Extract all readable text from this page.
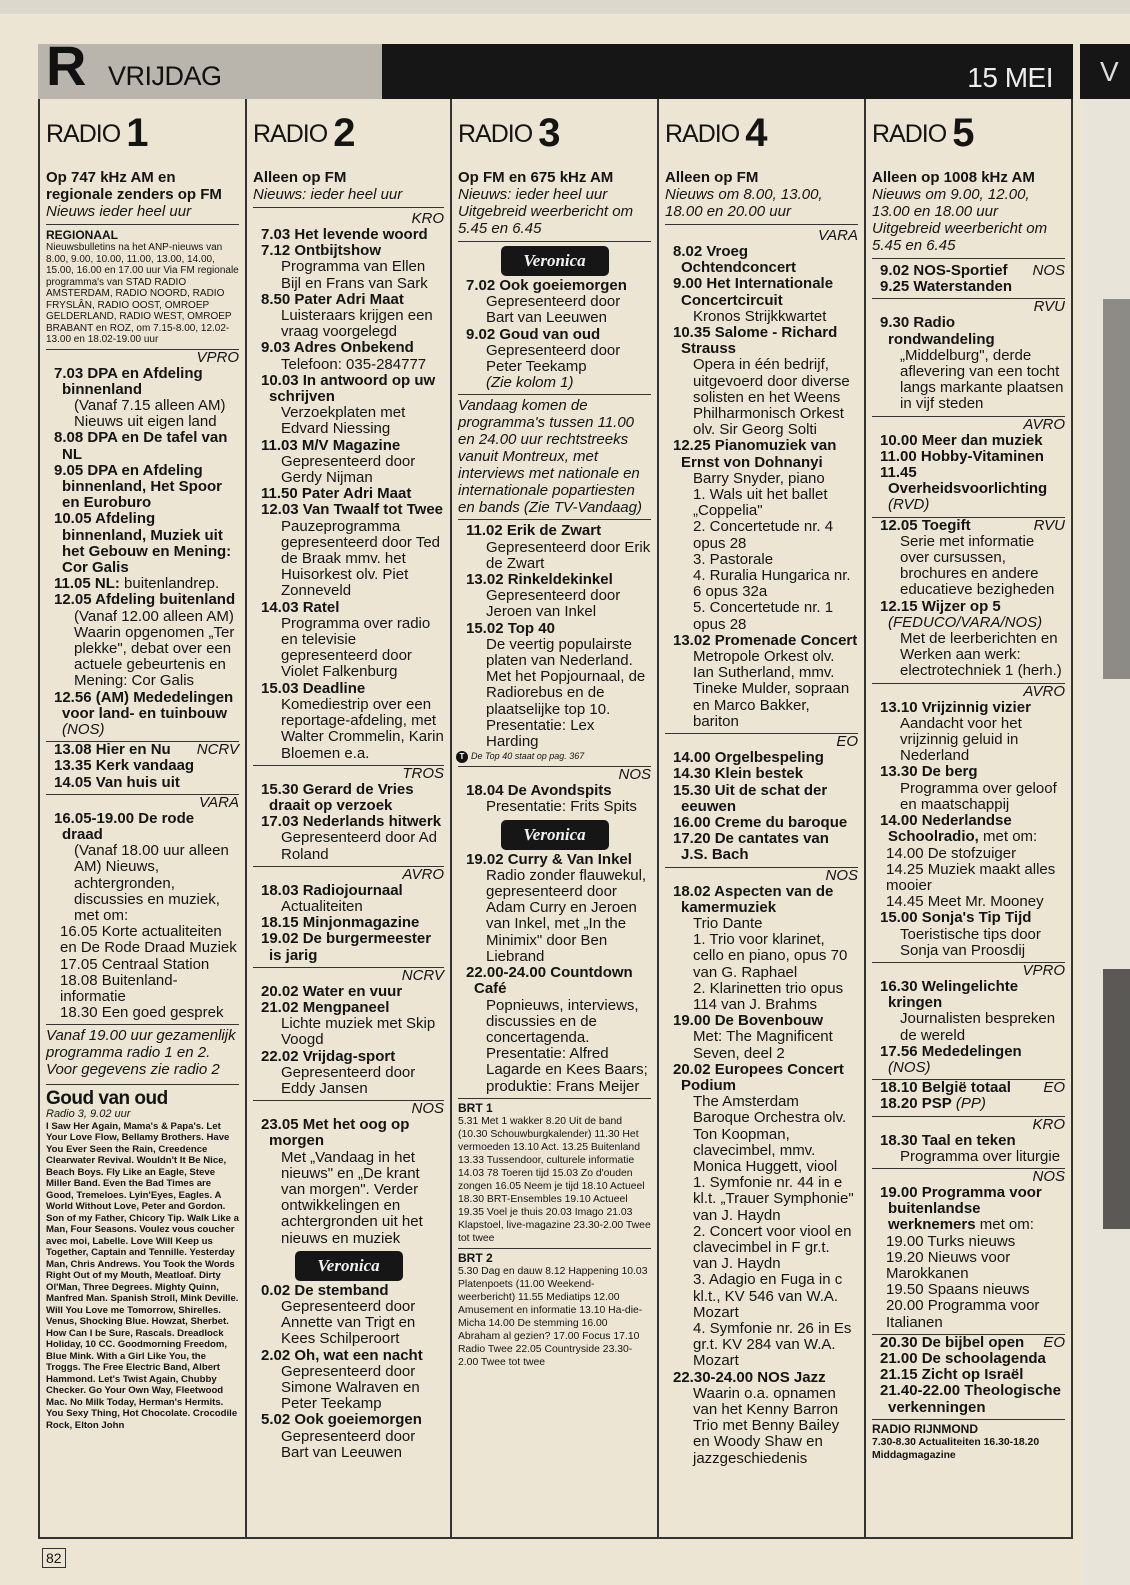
R VRIJDAG	15 MEI	V
RADIO 1
Op 747 kHz AM en regionale zenders op FM
Nieuws ieder heel uur
REGIONAAL

Nieuwsbulletins na het ANP-nieuws van 8.00, 9.00, 10.00, 11.00, 13.00, 14.00, 15.00, 16.00 en 17.00 uur Via FM regionale programma's van STAD RADIO AMSTERDAM, RADIO NOORD, RADIO FRYSLÂN, RADIO OOST, OMROEP GELDERLAND, RADIO WEST, OMROEP BRABANT en ROZ, om 7.15-8.00, 12.02-13.00 en 18.02-19.00 uur

VPRO

7.03 DPA en Afdeling binnenland

(Vanaf 7.15 alleen AM) Nieuws uit eigen land

8.08 DPA en De tafel van NL

9.05 DPA en Afdeling binnenland, Het Spoor en Euroburo

10.05 Afdeling binnenland, Muziek uit het Gebouw en Mening: Cor Galis

11.05 NL: buitenlandrep.

12.05 Afdeling buitenland

(Vanaf 12.00 alleen AM) Waarin opgenomen „Ter plekke", debat over een actuele gebeurtenis en Mening: Cor Galis

12.56 (AM) Mededelingen voor land- en tuinbouw (NOS)

13.08 Hier en Nu NCRV

13.35 Kerk vandaag

14.05 Van huis uit

VARA

16.05-19.00 De rode draad

(Vanaf 18.00 uur alleen AM) Nieuws, achtergronden, discussies en muziek, met om:

16.05 Korte actualiteiten en De Rode Draad Muziek

17.05 Centraal Station

18.08 Buitenland-informatie

18.30 Een goed gesprek

Vanaf 19.00 uur gezamenlijk programma radio 1 en 2. Voor gegevens zie radio 2
Goud van oud

Radio 3, 9.02 uur

I Saw Her Again, Mama's & Papa's. Let Your Love Flow, Bellamy Brothers. Have You Ever Seen the Rain, Creedence Clearwater Revival. Wouldn't It Be Nice, Beach Boys. Fly Like an Eagle, Steve Miller Band. Even the Bad Times are Good, Tremeloes. Lyin'Eyes, Eagles. A World Without Love, Peter and Gordon. Son of my Father, Chicory Tip. Walk Like a Man, Four Seasons. Voulez vous coucher avec moi, Labelle. Love Will Keep us Together, Captain and Tennille. Yesterday Man, Chris Andrews. You Took the Words Right Out of my Mouth, Meatloaf. Dirty Ol'Man, Three Degrees. Mighty Quinn, Manfred Man. Spanish Stroll, Mink Deville. Will You Love me Tomorrow, Shirelles. Venus, Shocking Blue. Howzat, Sherbet. How Can I be Sure, Rascals. Dreadlock Holiday, 10 CC. Goodmorning Freedom, Blue Mink. With a Girl Like You, the Troggs. The Free Electric Band, Albert Hammond. Let's Twist Again, Chubby Checker. Go Your Own Way, Fleetwood Mac. No Milk Today, Herman's Hermits. You Sexy Thing, Hot Chocolate. Crocodile Rock, Elton John

RADIO 2
Alleen op FM
Nieuws: ieder heel uur
KRO

7.03 Het levende woord

7.12 Ontbijtshow

Programma van Ellen Bijl en Frans van Sark

8.50 Pater Adri Maat

Luisteraars krijgen een vraag voorgelegd

9.03 Adres Onbekend

Telefoon: 035-284777

10.03 In antwoord op uw schrijven

Verzoekplaten met Edvard Niessing

11.03 M/V Magazine

Gepresenteerd door Gerdy Nijman

11.50 Pater Adri Maat

12.03 Van Twaalf tot Twee

Pauzeprogramma gepresenteerd door Ted de Braak mmv. het Huisorkest olv. Piet Zonneveld

14.03 Ratel

Programma over radio en televisie gepresenteerd door Violet Falkenburg

15.03 Deadline

Komediestrip over een reportage-afdeling, met Walter Crommelin, Karin Bloemen e.a.

TROS

15.30 Gerard de Vries draait op verzoek

17.03 Nederlands hitwerk

Gepresenteerd door Ad Roland

AVRO

18.03 Radiojournaal

Actualiteiten

18.15 Minjonmagazine

19.02 De burgermeester is jarig

NCRV

20.02 Water en vuur

21.02 Mengpaneel

Lichte muziek met Skip Voogd

22.02 Vrijdag-sport

Gepresenteerd door Eddy Jansen

NOS

23.05 Met het oog op morgen

Met „Vandaag in het nieuws" en „De krant van morgen". Verder ontwikkelingen en achtergronden uit het nieuws en muziek

Veronica

0.02 De stemband

Gepresenteerd door Annette van Trigt en Kees Schilperoort

2.02 Oh, wat een nacht

Gepresenteerd door Simone Walraven en Peter Teekamp

5.02 Ook goeiemorgen

Gepresenteerd door Bart van Leeuwen

RADIO 3
Op FM en 675 kHz AM
Nieuws: ieder heel uur Uitgebreid weerbericht om 5.45 en 6.45
Veronica

7.02 Ook goeiemorgen

Gepresenteerd door Bart van Leeuwen

9.02 Goud van oud

Gepresenteerd door Peter Teekamp

(Zie kolom 1)

Vandaag komen de programma's tussen 11.00 en 24.00 uur rechtstreeks vanuit Montreux, met interviews met nationale en internationale popartiesten en bands (Zie TV-Vandaag)

11.02 Erik de Zwart

Gepresenteerd door Erik de Zwart

13.02 Rinkeldekinkel

Gepresenteerd door Jeroen van Inkel

15.02 Top 40

De veertig populairste platen van Nederland. Met het Popjournaal, de Radiorebus en de plaatselijke top 10. Presentatie: Lex Harding

T De Top 40 staat op pag. 367
NOS

18.04 De Avondspits

Presentatie: Frits Spits

Veronica

19.02 Curry & Van Inkel

Radio zonder flauwekul, gepresenteerd door Adam Curry en Jeroen van Inkel, met „In the Minimix" door Ben Liebrand

22.00-24.00 Countdown Café

Popnieuws, interviews, discussies en de concertagenda. Presentatie: Alfred Lagarde en Kees Baars; produktie: Frans Meijer

BRT 1

5.31 Met 1 wakker 8.20 Uit de band (10.30 Schouwburgkalender) 11.30 Het vermoeden 13.10 Act. 13.25 Buitenland 13.33 Tussendoor, culturele informatie 14.03 78 Toeren tijd 15.03 Zo d'ouden zongen 16.05 Neem je tijd 18.10 Actueel 18.30 BRT-Ensembles 19.10 Actueel 19.35 Voel je thuis 20.03 Imago 21.03 Klapstoel, live-magazine 23.30-2.00 Twee tot twee

BRT 2

5.30 Dag en dauw 8.12 Happening 10.03 Platenpoets (11.00 Weekend-weerbericht) 11.55 Mediatips 12.00 Amusement en informatie 13.10 Ha-die-Micha 14.00 De stemming 16.00 Abraham al gezien? 17.00 Focus 17.10 Radio Twee 22.05 Countryside 23.30-2.00 Twee tot twee

RADIO 4
Alleen op FM
Nieuws om 8.00, 13.00, 18.00 en 20.00 uur
VARA

8.02 Vroeg Ochtendconcert

9.00 Het Internationale Concertcircuit

Kronos Strijkkwartet

10.35 Salome - Richard Strauss

Opera in één bedrijf, uitgevoerd door diverse solisten en het Weens Philharmonisch Orkest olv. Sir Georg Solti

12.25 Pianomuziek van Ernst von Dohnanyi

Barry Snyder, piano

1. Wals uit het ballet „Coppelia"

2. Concertetude nr. 4 opus 28

3. Pastorale

4. Ruralia Hungarica nr. 6 opus 32a

5. Concertetude nr. 1 opus 28

13.02 Promenade Concert

Metropole Orkest olv. Ian Sutherland, mmv. Tineke Mulder, sopraan en Marco Bakker, bariton

EO

14.00 Orgelbespeling

14.30 Klein bestek

15.30 Uit de schat der eeuwen

16.00 Creme du baroque

17.20 De cantates van J.S. Bach

NOS

18.02 Aspecten van de kamermuziek

Trio Dante

1. Trio voor klarinet, cello en piano, opus 70 van G. Raphael

2. Klarinetten trio opus 114 van J. Brahms

19.00 De Bovenbouw

Met: The Magnificent Seven, deel 2

20.02 Europees Concert Podium

The Amsterdam Baroque Orchestra olv. Ton Koopman, clavecimbel, mmv. Monica Huggett, viool

1. Symfonie nr. 44 in e kl.t. „Trauer Symphonie" van J. Haydn

2. Concert voor viool en clavecimbel in F gr.t. van J. Haydn

3. Adagio en Fuga in c kl.t., KV 546 van W.A. Mozart

4. Symfonie nr. 26 in Es gr.t. KV 284 van W.A. Mozart

22.30-24.00 NOS Jazz

Waarin o.a. opnamen van het Kenny Barron Trio met Benny Bailey en Woody Shaw en jazzgeschiedenis

RADIO 5
Alleen op 1008 kHz AM
Nieuws om 9.00, 12.00, 13.00 en 18.00 uur Uitgebreid weerbericht om 5.45 en 6.45

9.02 NOS-Sportief NOS

9.25 Waterstanden

RVU

9.30 Radio rondwandeling

„Middelburg", derde aflevering van een tocht langs markante plaatsen in vijf steden

AVRO

10.00 Meer dan muziek

11.00 Hobby-Vitaminen

11.45 Overheidsvoorlichting (RVD)

12.05 Toegift	RVU

Serie met informatie over cursussen, brochures en andere educatieve bezigheden

12.15 Wijzer op 5 (FEDUCO/VARA/NOS)

Met de leerberichten en Werken aan werk: electrotechniek 1 (herh.)

AVRO

13.10 Vrijzinnig vizier

Aandacht voor het vrijzinnig geluid in Nederland

13.30 De berg

Programma over geloof en maatschappij

14.00 Nederlandse Schoolradio, met om:

14.00 De stofzuiger

14.25 Muziek maakt alles mooier

14.45 Meet Mr. Mooney

15.00 Sonja's Tip Tijd

Toeristische tips door Sonja van Proosdij

VPRO

16.30 Welingelichte kringen

Journalisten bespreken de wereld

17.56 Mededelingen (NOS)

18.10 België totaal EO

18.20 PSP (PP)

KRO

18.30 Taal en teken

Programma over liturgie

NOS

19.00 Programma voor buitenlandse werknemers met om:

19.00 Turks nieuws

19.20 Nieuws voor Marokkanen

19.50 Spaans nieuws

20.00 Programma voor Italianen

20.30 De bijbel open EO

21.00 De schoolagenda

21.15 Zicht op Israël

21.40-22.00 Theologische verkenningen

RADIO RIJNMOND

7.30-8.30 Actualiteiten 16.30-18.20 Middagmagazine

82
